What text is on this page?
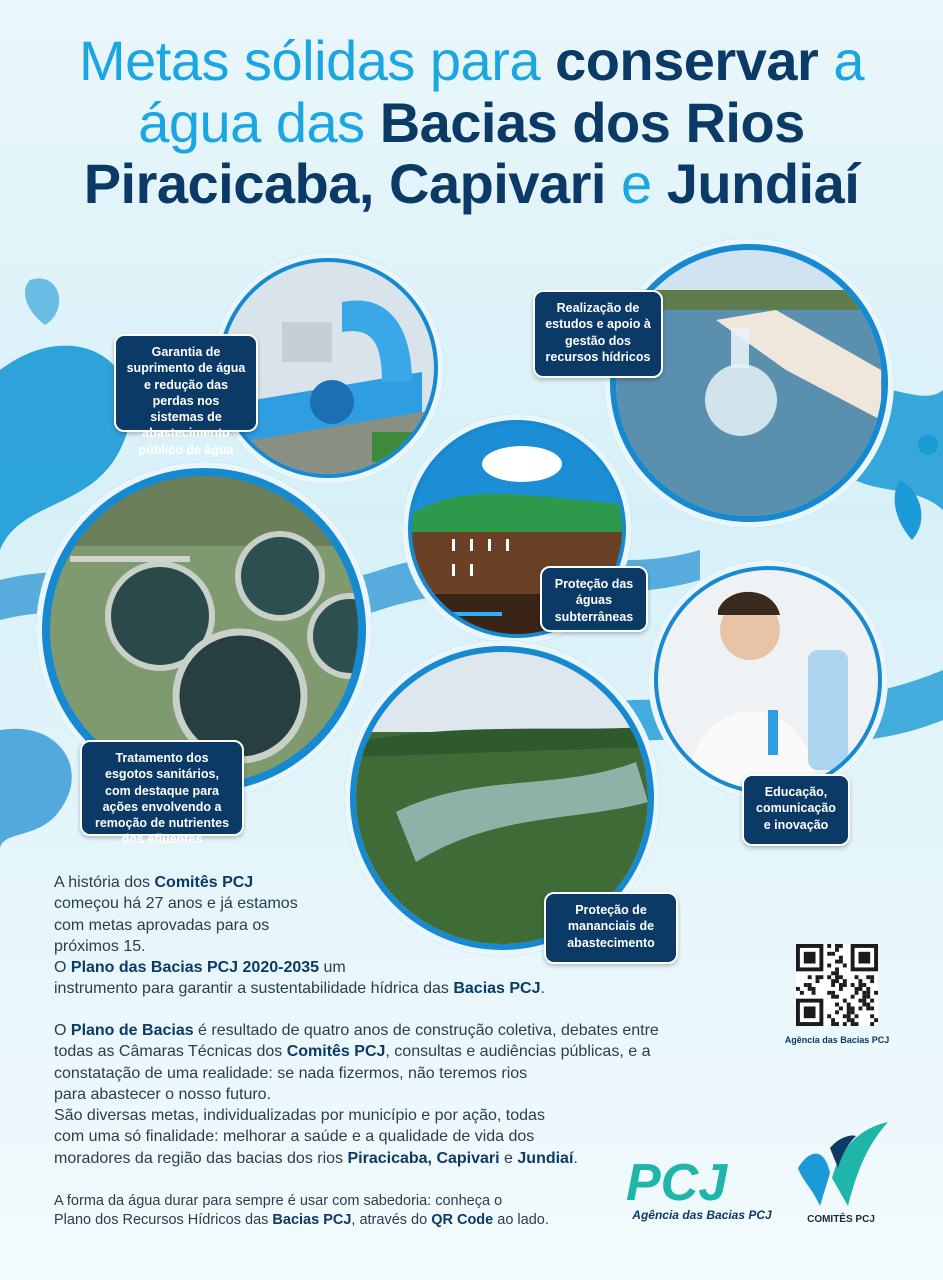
Metas sólidas para conservar a
água das Bacias dos Rios
Piracicaba, Capivari e Jundiaí
Garantia de suprimento de água e redução das perdas nos sistemas de abastecimento público de água
Realização de estudos e apoio à gestão dos recursos hídricos
Proteção das águas subterrâneas
Tratamento dos esgotos sanitários, com destaque para ações envolvendo a remoção de nutrientes dos efluentes
Educação, comunicação e inovação
Proteção de mananciais de abastecimento
A história dos Comitês PCJ
começou há 27 anos e já estamos
com metas aprovadas para os
próximos 15.
O Plano das Bacias PCJ 2020-2035 um
instrumento para garantir a sustentabilidade hídrica das Bacias PCJ.
O Plano de Bacias é resultado de quatro anos de construção coletiva, debates entre
todas as Câmaras Técnicas dos Comitês PCJ, consultas e audiências públicas, e a
constatação de uma realidade: se nada fizermos, não teremos rios
para abastecer o nosso futuro.
São diversas metas, individualizadas por município e por ação, todas
com uma só finalidade: melhorar a saúde e a qualidade de vida dos
moradores da região das bacias dos rios Piracicaba, Capivari e Jundiaí.
A forma da água durar para sempre é usar com sabedoria: conheça o
Plano dos Recursos Hídricos das Bacias PCJ, através do QR Code ao lado.
Agência das Bacias PCJ
PCJ
Agência das Bacias PCJ	COMITÊS PCJ
